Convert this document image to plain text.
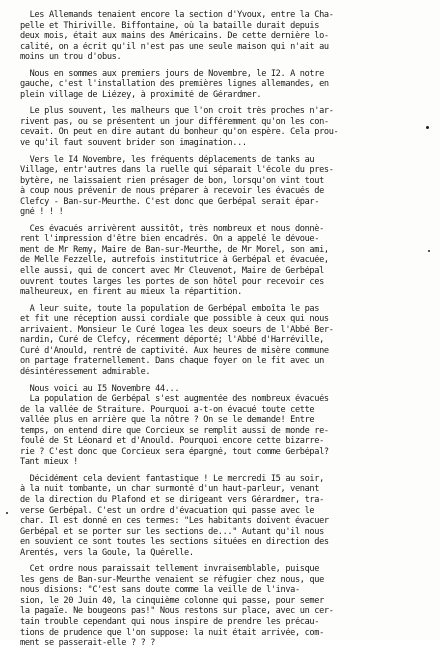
Les Allemands tenaient encore la section d'Yvoux, entre la Cha-
pelle et Thiriville. Biffontaine, où la bataille durait depuis
deux mois, était aux mains des Américains. De cette dernière lo-
calité, on a écrit qu'il n'est pas une seule maison qui n'ait au
moins un trou d'obus.
Nous en sommes aux premiers jours de Novembre, le I2. A notre
gauche, c'est l'installation des premières lignes allemandes, en
plein village de Liézey, à proximité de Gérardmer.
Le plus souvent, les malheurs que l'on croit très proches n'ar-
rivent pas, ou se présentent un jour différemment qu'on les con-
cevait. On peut en dire autant du bonheur qu'on espère. Cela prou-
ve qu'il faut souvent brider son imagination...
Vers le I4 Novembre, les fréquents déplacements de tanks au
Village, entr'autres dans la ruelle qui séparait l'école du pres-
bytère, ne laissaient rien présager de bon, lorsqu'on vint tout
à coup nous prévenir de nous préparer à recevoir les évacués de
Clefcy - Ban-sur-Meurthe. C'est donc que Gerbépal serait épar-
gné ! ! !
Ces évacués arrivèrent aussitôt, très nombreux et nous donnè-
rent l'impression d'être bien encadrés. On a appelé le dévoue-
ment de Mr Remy, Maire de Ban-sur-Meurthe, de Mr Morel, son ami,
de Melle Fezzelle, autrefois institutrice à Gerbépal et évacuée,
elle aussi, qui de concert avec Mr Cleuvenot, Maire de Gerbépal
ouvrent toutes larges les portes de son hôtel pour recevoir ces
malheureux, en firent au mieux la répartition.
A leur suite, toute la population de Gerbépal emboîta le pas
et fit une réception aussi cordiale que possible à ceux qui nous
arrivaient. Monsieur le Curé logea les deux soeurs de l'Abbé Ber-
nardin, Curé de Clefcy, récemment déporté; l'Abbé d'Harréville,
Curé d'Anould, rentré de captivité. Aux heures de misère commune
on partage fraternellement. Dans chaque foyer on le fit avec un
désintéressement admirable.
Nous voici au I5 Novembre 44...
La population de Gerbépal s'est augmentée des nombreux évacués
de la vallée de Straiture. Pourquoi a-t-on évacué toute cette
vallée plus en arrière que la nôtre ? On se le demande! Entre
temps, on entend dire que Corcieux se remplit aussi de monde re-
foulé de St Léonard et d'Anould. Pourquoi encore cette bizarre-
rie ? C'est donc que Corcieux sera épargné, tout comme Gerbépal?
Tant mieux !
Décidément cela devient fantastique ! Le mercredi I5 au soir,
à la nuit tombante, un char surmonté d'un haut-parleur, venant
de la direction du Plafond et se dirigeant vers Gérardmer, tra-
verse Gerbépal. C'est un ordre d'évacuation qui passe avec le
char. Il est donné en ces termes: "Les habitants doivent évacuer
Gerbépal et se porter sur les sections de..." Autant qu'il nous
en souvient ce sont toutes les sections situées en direction des
Arentés, vers la Goule, la Quérelle.
Cet ordre nous paraissait tellement invraisemblable, puisque
les gens de Ban-sur-Meurthe venaient se réfugier chez nous, que
nous disions: "C'est sans doute comme la veille de l'inva-
sion, le 20 Juin 40, la cinquième colonne qui passe, pour semer
la pagaïe. Ne bougeons pas!" Nous restons sur place, avec un cer-
tain trouble cependant qui nous inspire de prendre les précau-
tions de prudence que l'on suppose: la nuit était arrivée, com-
ment se passerait-elle ? ? ?
